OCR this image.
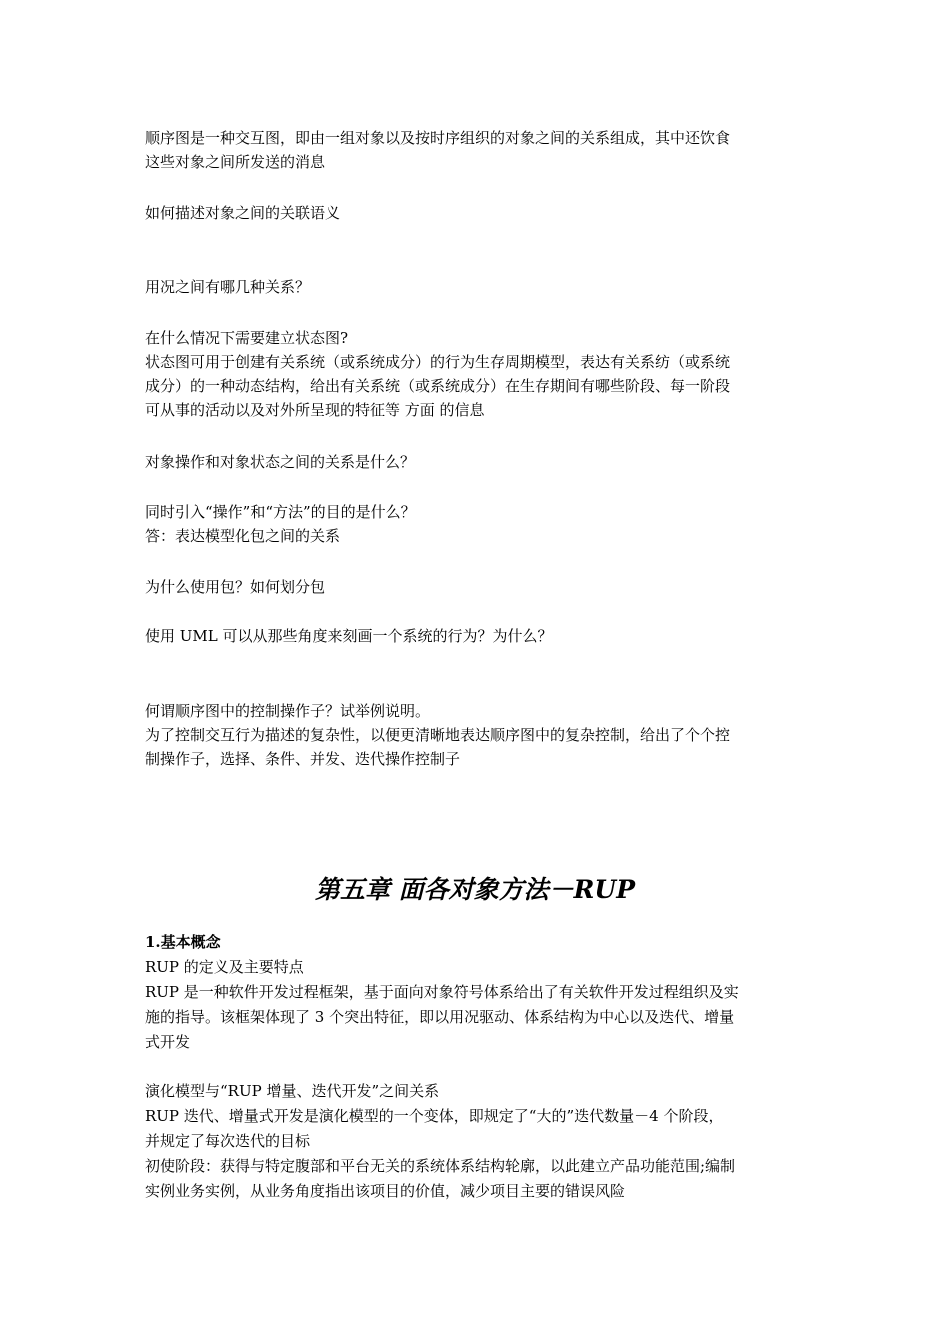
顺序图是一种交互图，即由一组对象以及按时序组织的对象之间的关系组成，其中还饮食
这些对象之间所发送的消息
如何描述对象之间的关联语义
用况之间有哪几种关系？
在什么情况下需要建立状态图?
状态图可用于创建有关系统（或系统成分）的行为生存周期模型，表达有关系纺（或系统
成分）的一种动态结构，给出有关系统（或系统成分）在生存期间有哪些阶段、每一阶段
可从事的活动以及对外所呈现的特征等 方面 的信息
对象操作和对象状态之间的关系是什么？
同时引入“操作”和“方法”的目的是什么？
答：表达模型化包之间的关系
为什么使用包？如何划分包
使用 UML 可以从那些角度来刻画一个系统的行为？为什么？
何谓顺序图中的控制操作子？试举例说明。
为了控制交互行为描述的复杂性，以便更清晰地表达顺序图中的复杂控制，给出了个个控
制操作子，选择、条件、并发、迭代操作控制子
第五章 面各对象方法－RUP
1.基本概念
RUP 的定义及主要特点
RUP 是一种软件开发过程框架，基于面向对象符号体系给出了有关软件开发过程组织及实
施的指导。该框架体现了 3 个突出特征，即以用况驱动、体系结构为中心以及迭代、增量
式开发
演化模型与“RUP 增量、迭代开发”之间关系
RUP 迭代、增量式开发是演化模型的一个变体，即规定了“大的”迭代数量－4 个阶段，
并规定了每次迭代的目标
初使阶段：获得与特定腹部和平台无关的系统体系结构轮廓，以此建立产品功能范围;编制
实例业务实例，从业务角度指出该项目的价值，减少项目主要的错误风险
